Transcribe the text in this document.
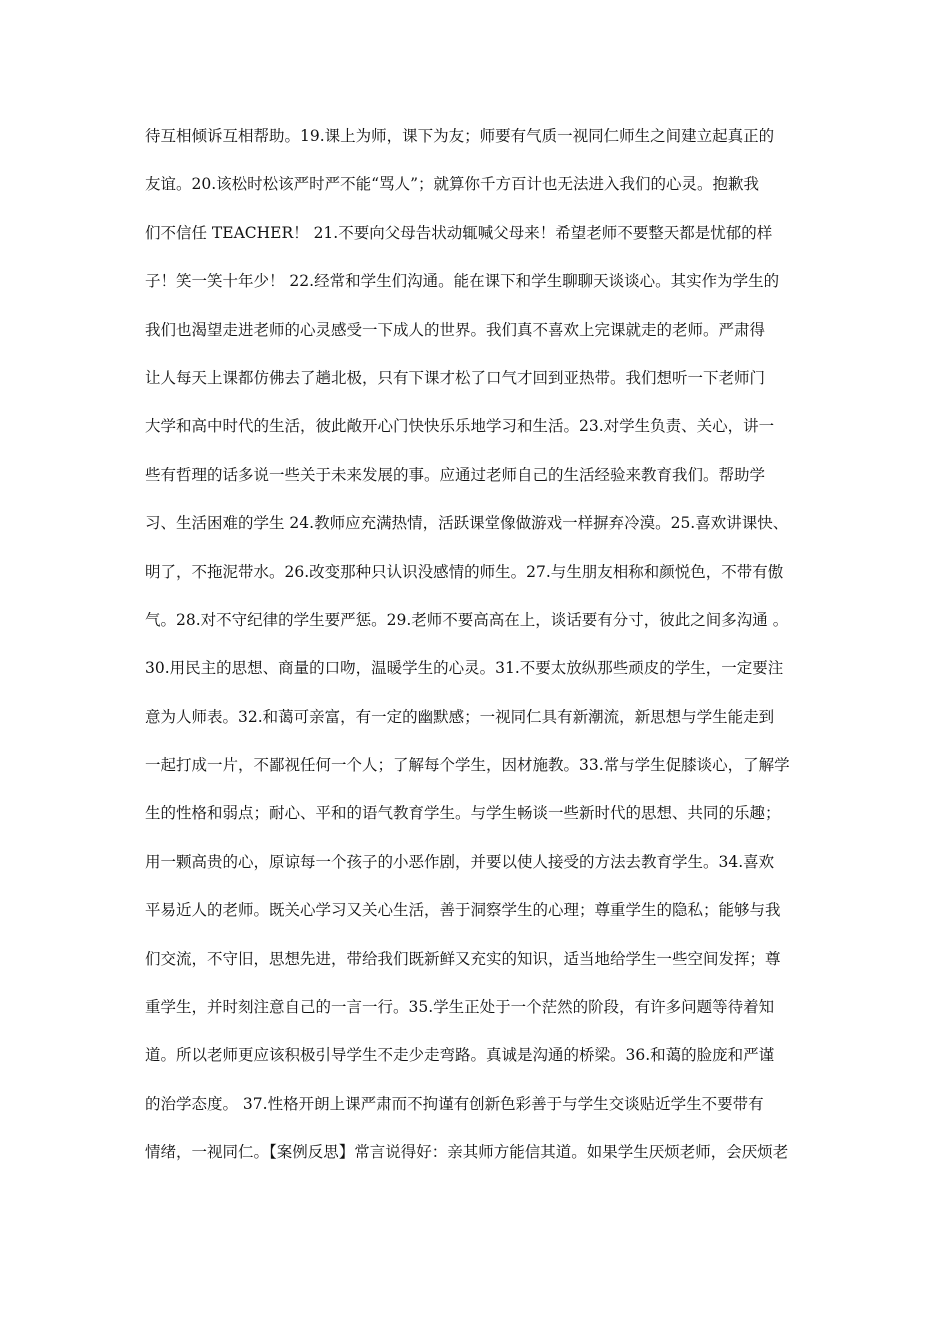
待互相倾诉互相帮助。19.课上为师，课下为友；师要有气质一视同仁师生之间建立起真正的
友谊。20.该松时松该严时严不能“骂人”；就算你千方百计也无法进入我们的心灵。抱歉我
们不信任 TEACHER！ 21.不要向父母告状动辄喊父母来！希望老师不要整天都是忧郁的样
子！笑一笑十年少！ 22.经常和学生们沟通。能在课下和学生聊聊天谈谈心。其实作为学生的
我们也渴望走进老师的心灵感受一下成人的世界。我们真不喜欢上完课就走的老师。严肃得
让人每天上课都仿佛去了趟北极，只有下课才松了口气才回到亚热带。我们想听一下老师门
大学和高中时代的生活，彼此敞开心门快快乐乐地学习和生活。23.对学生负责、关心，讲一
些有哲理的话多说一些关于未来发展的事。应通过老师自己的生活经验来教育我们。帮助学
习、生活困难的学生 24.教师应充满热情，活跃课堂像做游戏一样摒弃冷漠。25.喜欢讲课快、
明了，不拖泥带水。26.改变那种只认识没感情的师生。27.与生朋友相称和颜悦色，不带有傲
气。28.对不守纪律的学生要严惩。29.老师不要高高在上，谈话要有分寸，彼此之间多沟通 。
30.用民主的思想、商量的口吻，温暖学生的心灵。31.不要太放纵那些顽皮的学生，一定要注
意为人师表。32.和蔼可亲富，有一定的幽默感；一视同仁具有新潮流，新思想与学生能走到
一起打成一片，不鄙视任何一个人；了解每个学生，因材施教。33.常与学生促膝谈心，了解学
生的性格和弱点；耐心、平和的语气教育学生。与学生畅谈一些新时代的思想、共同的乐趣；
用一颗高贵的心，原谅每一个孩子的小恶作剧，并要以使人接受的方法去教育学生。34.喜欢
平易近人的老师。既关心学习又关心生活，善于洞察学生的心理；尊重学生的隐私；能够与我
们交流，不守旧，思想先进，带给我们既新鲜又充实的知识，适当地给学生一些空间发挥；尊
重学生，并时刻注意自己的一言一行。35.学生正处于一个茫然的阶段，有许多问题等待着知
道。所以老师更应该积极引导学生不走少走弯路。真诚是沟通的桥梁。36.和蔼的脸庞和严谨
的治学态度。 37.性格开朗上课严肃而不拘谨有创新色彩善于与学生交谈贴近学生不要带有
情绪，一视同仁。【案例反思】常言说得好：亲其师方能信其道。如果学生厌烦老师，会厌烦老
